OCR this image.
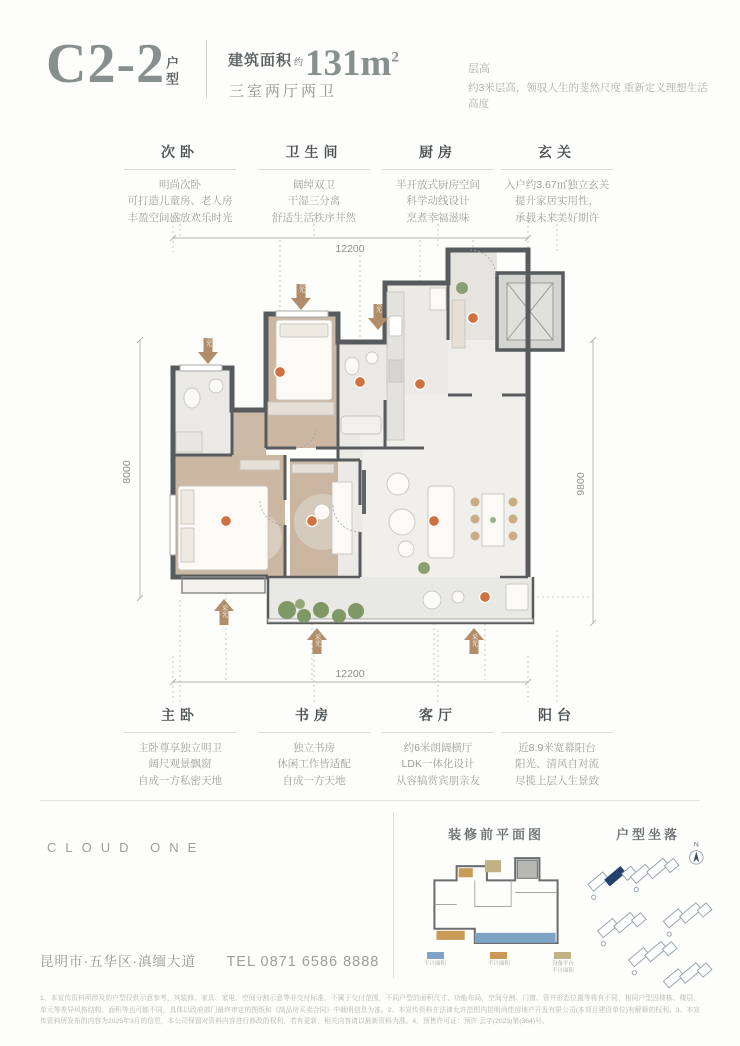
C2-2
户型	建筑面积 $^约131m^2$
三室两厅两卫
层高
约3米层高，领驭人生的斐然尺度 重新定义理想生活高度
次卧
明尚次卧
可打造儿童房、老人房
丰盈空间盛放欢乐时光
卫生间
阔绰双卫
干湿三分离
舒适生活秩序井然
厨房
半开放式厨房空间
科学动线设计
烹煮幸福滋味
玄关
入户约3.67㎡独立玄关
提升家居实用性，
承载未来美好期许
12200
12200
8000
9800
采光
采光
采光
采光
采光	采光
主卧
主卧尊享独立明卫
阔尺观景飘窗
自成一方私密天地
书房
独立书房
休闲工作皆适配
自成一方天地
客厅
约6米朗阔横厅
LDK一体化设计
从容犒赏宾朋亲友
阳台
近8.9米宽幕阳台
阳光、清风自对流
尽揽上层人生景致
CLOUD ONE
昆明市·五华区·滇缅大道 TEL 0871 6586 8888
装修前平面图
半计面积	不计面积	设备平台
不计面积
户型坐落
N
1、本宣传资料所涉及的户型仅供示意参考，其装修、家具、家电、空间分割示意等非交付标准，不属于交付范围，不同户型的面积尺寸、功能布局、空间分割、门窗、管井形态位置等将有不同，相同户型因楼栋、楼层、单元等差异风格结构、面积等也可能不同，具体以政府部门最终审定的图纸和《商品房买卖合同》中载明信息为准。2、本宣传资料在法律允许范围内昆明尚佳房地产开发有限公司(本项目建设单位)有解释的权利。3、本宣传资料所发布的内容为2025年3月的信息，本公司保留对资料内容进行修改的权利，若有更新，相关内容请以最新资料为准。4、预售许可证：预许 云字(2023)第(364)号。
